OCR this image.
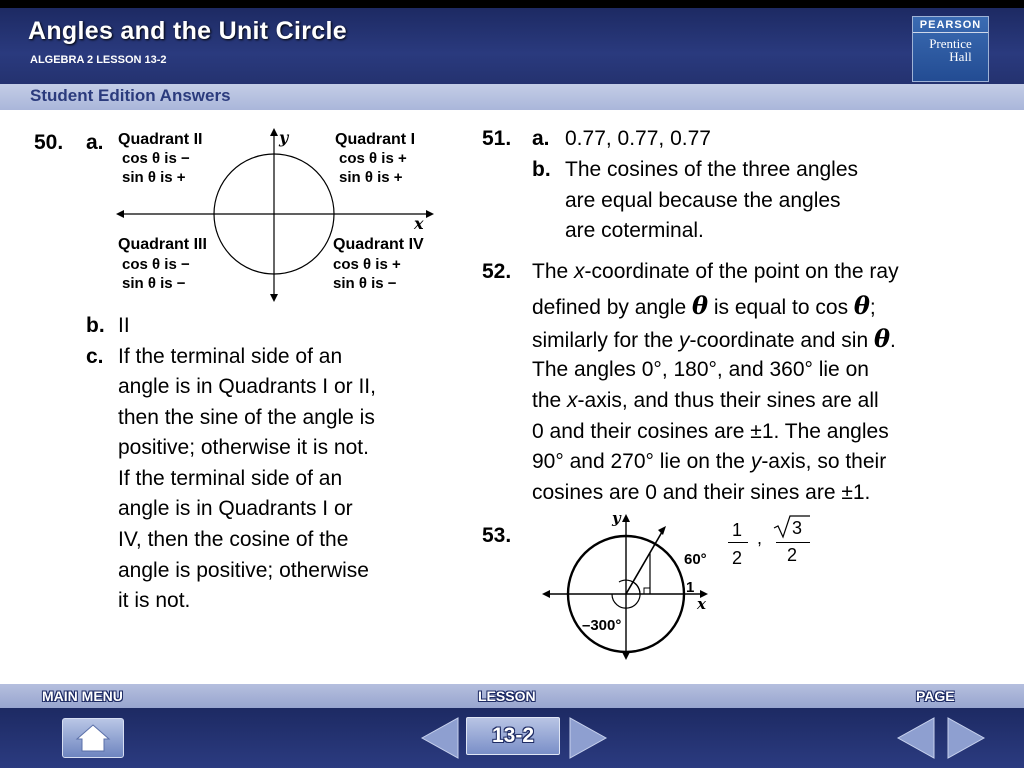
Angles and the Unit Circle
ALGEBRA 2 LESSON 13-2
PEARSON
Prentice
Hall
Student Edition Answers
50. a.	y
x
Quadrant II
cos θ is −
sin θ is +
Quadrant I
cos θ is +
sin θ is +
Quadrant III
cos θ is −
sin θ is −
Quadrant IV
cos θ is +
sin θ is −
b. II
c. If the terminal side of an
angle is in Quadrants I or II,
then the sine of the angle is
positive; otherwise it is not.
If the terminal side of an
angle is in Quadrants I or
IV, then the cosine of the
angle is positive; otherwise
it is not.
51. a. 0.77, 0.77, 0.77
b. The cosines of the three angles
are equal because the angles
are coterminal.
52. The x-coordinate of the point on the ray
defined by angle θ is equal to cos θ;
similarly for the y-coordinate and sin θ.
The angles 0°, 180°, and 360° lie on
the x-axis, and thus their sines are all
0 and their cosines are ±1. The angles
90° and 270° lie on the y-axis, so their
cosines are 0 and their sines are ±1.
53.
y
x
60°
1
–300°
1
2
, 3
2
MAIN MENU	LESSON	PAGE
13-2
